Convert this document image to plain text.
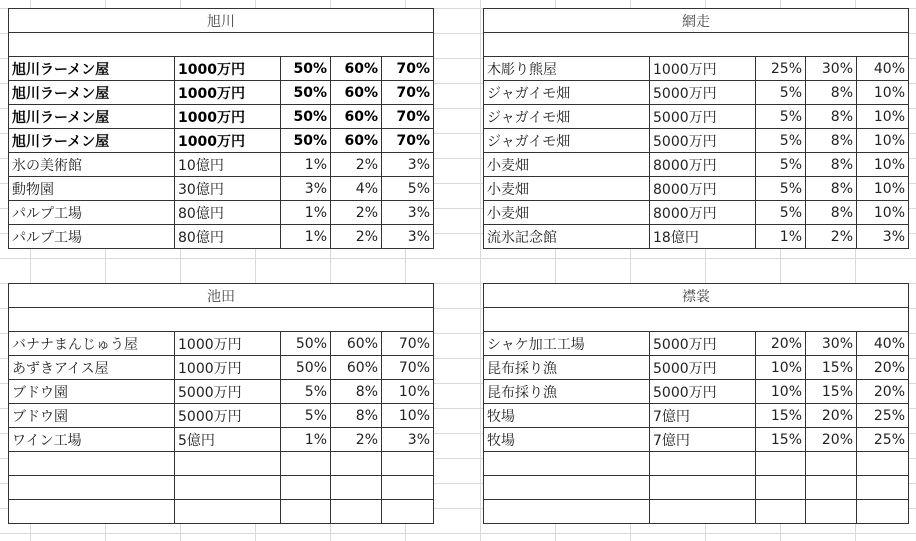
旭川				

旭川ラーメン屋	1000万円	50%	60%	70%
旭川ラーメン屋	1000万円	50%	60%	70%
旭川ラーメン屋	1000万円	50%	60%	70%
旭川ラーメン屋	1000万円	50%	60%	70%
氷の美術館	10億円	1%	2%	3%
動物園	30億円	3%	4%	5%
パルプ工場	80億円	1%	2%	3%
パルプ工場	80億円	1%	2%	3%
網走				

木彫り熊屋	1000万円	25%	30%	40%
ジャガイモ畑	5000万円	5%	8%	10%
ジャガイモ畑	5000万円	5%	8%	10%
ジャガイモ畑	5000万円	5%	8%	10%
小麦畑	8000万円	5%	8%	10%
小麦畑	8000万円	5%	8%	10%
小麦畑	8000万円	5%	8%	10%
流氷記念館	18億円	1%	2%	3%
池田				

バナナまんじゅう屋	1000万円	50%	60%	70%
あずきアイス屋	1000万円	50%	60%	70%
ブドウ園	5000万円	5%	8%	10%
ブドウ園	5000万円	5%	8%	10%
ワイン工場	5億円	1%	2%	3%

襟裳				

シャケ加工工場	5000万円	20%	30%	40%
昆布採り漁	5000万円	10%	15%	20%
昆布採り漁	5000万円	10%	15%	20%
牧場	7億円	15%	20%	25%
牧場	7億円	15%	20%	25%
